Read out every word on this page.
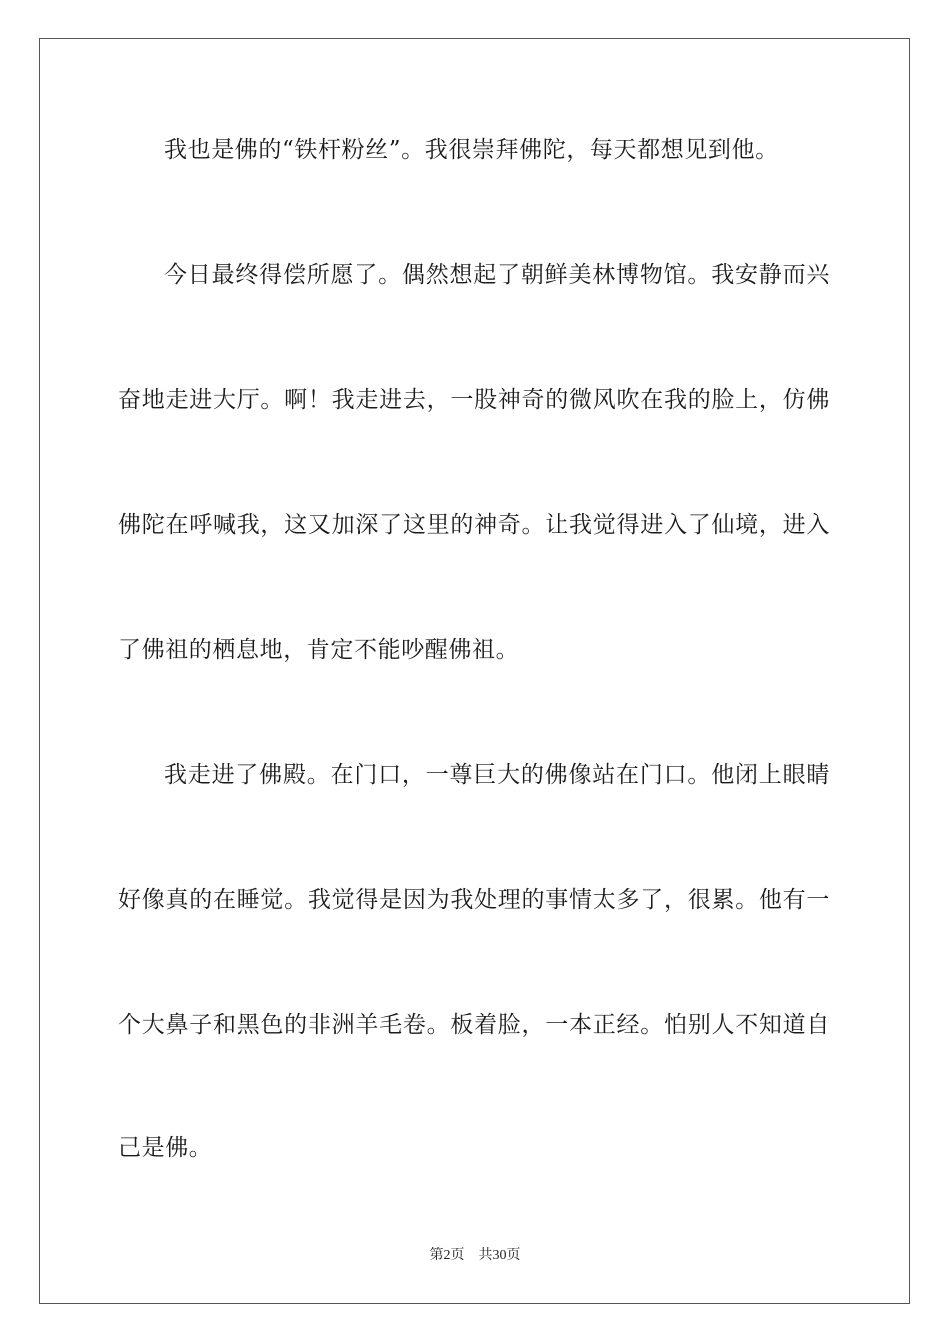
我也是佛的“铁杆粉丝”。我很崇拜佛陀，每天都想见到他。
今日最终得偿所愿了。偶然想起了朝鲜美林博物馆。我安静而兴
奋地走进大厅。啊！我走进去，一股神奇的微风吹在我的脸上，仿佛
佛陀在呼喊我，这又加深了这里的神奇。让我觉得进入了仙境，进入
了佛祖的栖息地，肯定不能吵醒佛祖。
我走进了佛殿。在门口，一尊巨大的佛像站在门口。他闭上眼睛
好像真的在睡觉。我觉得是因为我处理的事情太多了，很累。他有一
个大鼻子和黑色的非洲羊毛卷。板着脸，一本正经。怕别人不知道自
己是佛。
第2页　共30页
